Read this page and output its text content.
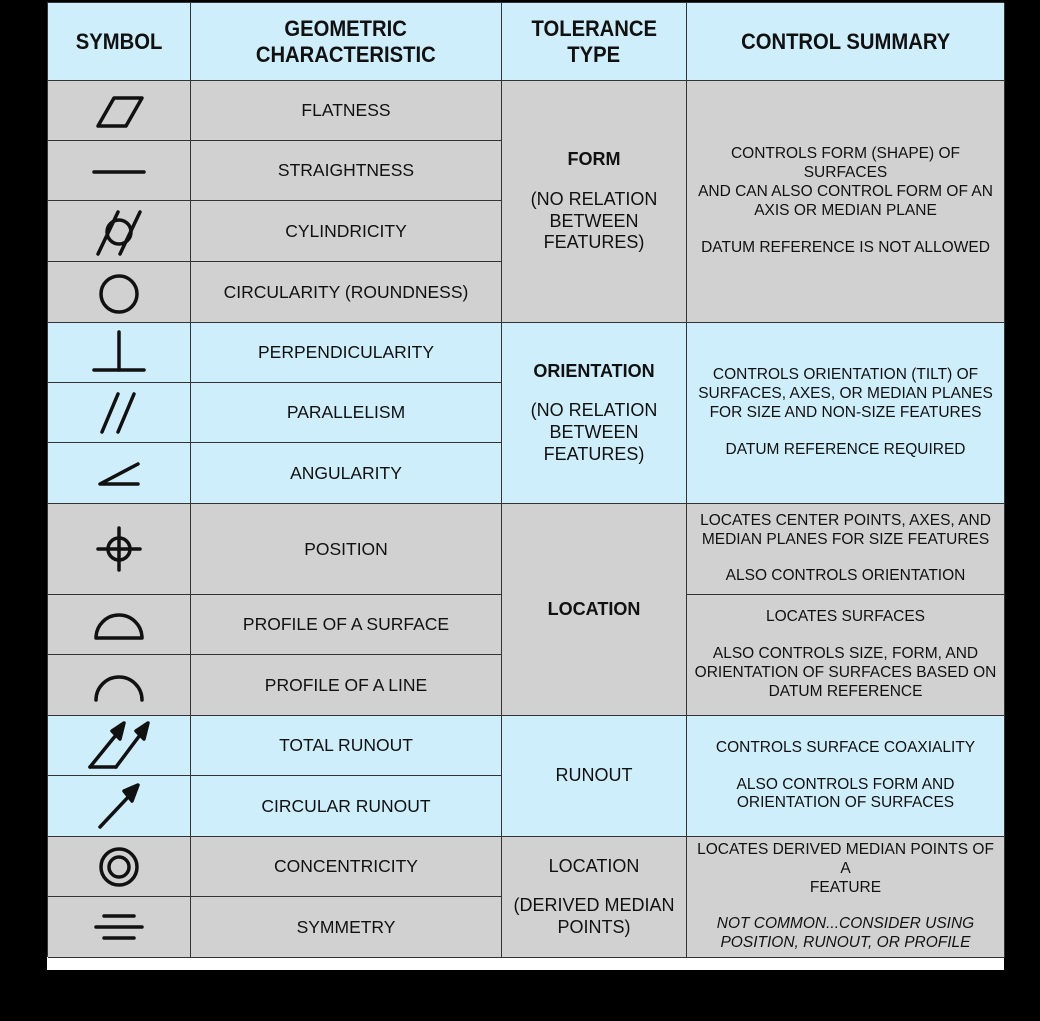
SYMBOL
GEOMETRIC
CHARACTERISTIC
TOLERANCE
TYPE
CONTROL SUMMARY
FLATNESS
STRAIGHTNESS
CYLINDRICITY
CIRCULARITY (ROUNDNESS)
PERPENDICULARITY
PARALLELISM
ANGULARITY
POSITION
PROFILE OF A SURFACE
PROFILE OF A LINE
TOTAL RUNOUT
CIRCULAR RUNOUT
CONCENTRICITY
SYMMETRY
FORM
(NO RELATION
BETWEEN
FEATURES)
ORIENTATION
(NO RELATION
BETWEEN
FEATURES)
LOCATION
RUNOUT
LOCATION
(DERIVED MEDIAN
POINTS)
CONTROLS FORM (SHAPE) OF SURFACES
AND CAN ALSO CONTROL FORM OF AN
AXIS OR MEDIAN PLANE
DATUM REFERENCE IS NOT ALLOWED
CONTROLS ORIENTATION (TILT) OF
SURFACES, AXES, OR MEDIAN PLANES
FOR SIZE AND NON-SIZE FEATURES
DATUM REFERENCE REQUIRED
LOCATES CENTER POINTS, AXES, AND
MEDIAN PLANES FOR SIZE FEATURES
ALSO CONTROLS ORIENTATION
LOCATES SURFACES
ALSO CONTROLS SIZE, FORM, AND
ORIENTATION OF SURFACES BASED ON
DATUM REFERENCE
CONTROLS SURFACE COAXIALITY
ALSO CONTROLS FORM AND
ORIENTATION OF SURFACES
LOCATES DERIVED MEDIAN POINTS OF A
FEATURE
NOT COMMON...CONSIDER USING
POSITION, RUNOUT, OR PROFILE
